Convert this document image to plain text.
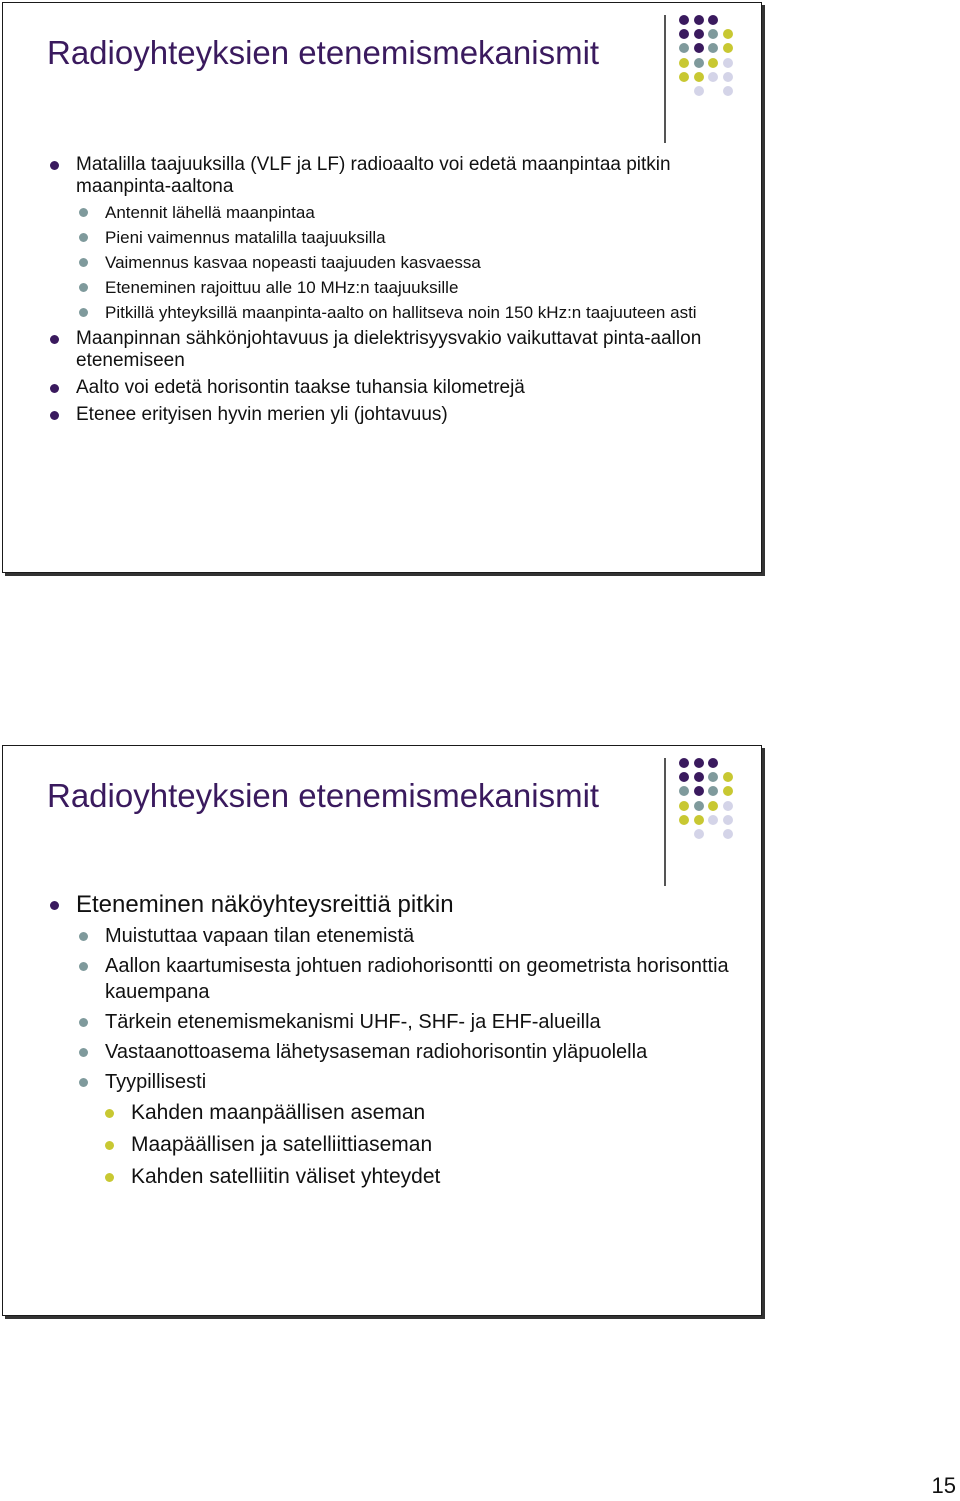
Radioyhteyksien etenemismekanismit
Matalilla taajuuksilla (VLF ja LF) radioaalto voi edetä maanpintaa pitkin maanpinta-aaltona
Antennit lähellä maanpintaa
Pieni vaimennus matalilla taajuuksilla
Vaimennus kasvaa nopeasti taajuuden kasvaessa
Eteneminen rajoittuu alle 10 MHz:n taajuuksille
Pitkillä yhteyksillä maanpinta-aalto on hallitseva noin 150 kHz:n taajuuteen asti
Maanpinnan sähkönjohtavuus ja dielektrisyysvakio vaikuttavat pinta-aallon etenemiseen
Aalto voi edetä horisontin taakse tuhansia kilometrejä
Etenee erityisen hyvin merien yli (johtavuus)
Radioyhteyksien etenemismekanismit
Eteneminen näköyhteysreittiä pitkin
Muistuttaa vapaan tilan etenemistä
Aallon kaartumisesta johtuen radiohorisontti on geometrista horisonttia kauempana
Tärkein etenemismekanismi UHF-, SHF- ja EHF-alueilla
Vastaanottoasema lähetysaseman radiohorisontin yläpuolella
Tyypillisesti
Kahden maanpäällisen aseman
Maapäällisen ja satelliittiaseman
Kahden satelliitin väliset yhteydet
15
